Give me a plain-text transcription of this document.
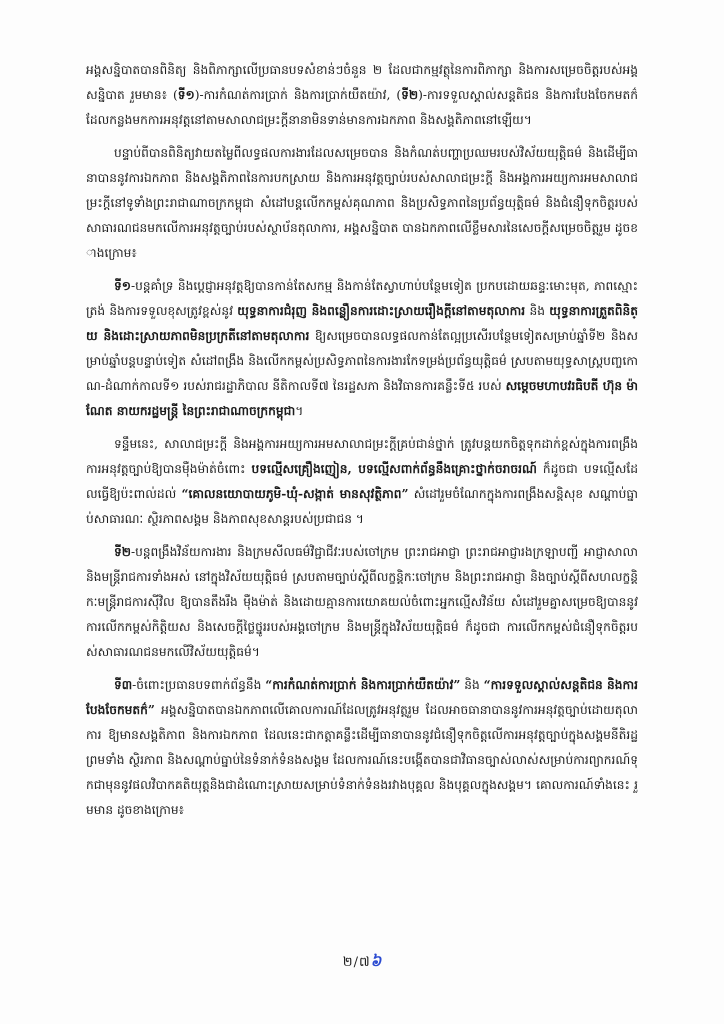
អង្គសន្និបាតបានពិនិត្យ និងពិភាក្សាលើប្រធានបទសំខាន់ៗចំនួន ២ ដែលជាកម្មវត្ថុនៃការពិភាក្សា និងការសម្រេចចិត្តរបស់អង្គសន្និបាត រួមមាន៖ (ទី១)-ការកំណត់ការប្រាក់ និងការប្រាក់យឺតយ៉ាវ, (ទី២)-ការទទួលស្គាល់សន្តតិជន និងការបែងចែកមតក៌ ដែលកន្លងមកការអនុវត្តនៅតាមសាលាជម្រះក្តីនានាមិនទាន់មានការឯកភាព និងសង្គតិភាពនៅឡើយ។

បន្ទាប់ពីបានពិនិត្យវាយតម្លៃពីលទ្ធផលការងារដែលសម្រេចបាន និងកំណត់បញ្ហាប្រឈមរបស់វិស័យយុត្តិធម៌ និងដើម្បីធានាបាននូវការឯកភាព និងសង្គតិភាពនៃការបកស្រាយ និងការអនុវត្តច្បាប់របស់សាលាជម្រះក្តី និងអង្គការអយ្យការអមសាលាជម្រះក្តីនៅទូទាំងព្រះរាជាណាចក្រកម្ពុជា សំដៅបន្តលើកកម្ពស់គុណភាព និងប្រសិទ្ធភាពនៃប្រព័ន្ធយុត្តិធម៌ និងជំនឿទុកចិត្តរបស់សាធារណជនមកលើការអនុវត្តច្បាប់របស់ស្ថាប័នតុលាការ, អង្គសន្និបាត បានឯកភាពលើខ្លឹមសារនៃសេចក្តីសម្រេចចិត្តរួម ដូចខាងក្រោម៖

ទី១-បន្តគាំទ្រ និងប្តេជ្ញាអនុវត្តឱ្យបានកាន់តែសកម្ម និងកាន់តែស្វាហាប់បន្ថែមទៀត ប្រកបដោយឆន្ទៈមោះមុត, ភាពស្មោះត្រង់ និងការទទួលខុសត្រូវខ្ពស់នូវ យុទ្ធនាការជំរុញ និងពន្លឿនការដោះស្រាយរឿងក្តីនៅតាមតុលាការ និង យុទ្ធនាការត្រួតពិនិត្យ និងដោះស្រាយភាពមិនប្រក្រតីនៅតាមតុលាការ ឱ្យសម្រេចបានលទ្ធផលកាន់តែល្អប្រសើរបន្ថែមទៀតសម្រាប់ឆ្នាំទី២ និងសម្រាប់ឆ្នាំបន្តបន្ទាប់ទៀត សំដៅពង្រឹង និងលើកកម្ពស់ប្រសិទ្ធភាពនៃការងារកែទម្រង់ប្រព័ន្ធយុត្តិធម៌ ស្របតាមយុទ្ធសាស្ត្របញ្ចកោណ-ដំណាក់កាលទី១ របស់រាជរដ្ឋាភិបាល នីតិកាលទី៧ នៃរដ្ឋសភា និងវិធានការគន្លឹះទី៥ របស់ សម្តេចមហាបវរធិបតី ហ៊ុន ម៉ាណែត នាយករដ្ឋមន្ត្រី នៃព្រះរាជាណាចក្រកម្ពុជា។

ទន្ទឹមនេះ, សាលាជម្រះក្តី និងអង្គការអយ្យការអមសាលាជម្រះក្តីគ្រប់ជាន់ថ្នាក់ ត្រូវបន្តយកចិត្តទុកដាក់ខ្ពស់ក្នុងការពង្រឹងការអនុវត្តច្បាប់ឱ្យបានម៉ឺងម៉ាត់ចំពោះ បទល្មើសគ្រឿងញៀន, បទល្មើសពាក់ព័ន្ធនឹងគ្រោះថ្នាក់ចរាចរណ៍ ក៏ដូចជា បទល្មើសដែលធ្វើឱ្យប៉ះពាល់ដល់ “គោលនយោបាយភូមិ-ឃុំ-សង្កាត់ មានសុវត្ថិភាព” សំដៅរួមចំណែកក្នុងការពង្រឹងសន្តិសុខ សណ្តាប់ធ្នាប់សាធារណៈ ស្ថិរភាពសង្គម និងភាពសុខសាន្តរបស់ប្រជាជន ។

ទី២-បន្តពង្រឹងវិន័យការងារ និងក្រមសីលធម៌វិជ្ជាជីវៈរបស់ចៅក្រម ព្រះរាជអាជ្ញា ព្រះរាជអាជ្ញារងក្រឡាបញ្ជី អាជ្ញាសាលា និងមន្ត្រីរាជការទាំងអស់ នៅក្នុងវិស័យយុត្តិធម៌ ស្របតាមច្បាប់ស្តីពីលក្ខន្តិកៈចៅក្រម និងព្រះរាជអាជ្ញា និងច្បាប់ស្តីពីសហលក្ខន្តិកៈមន្ត្រីរាជការស៊ីវិល ឱ្យបានតឹងរឹង ម៉ឺងម៉ាត់ និងដោយគ្មានការយោគយល់ចំពោះអ្នកល្មើសវិន័យ សំដៅរួមគ្នាសម្រេចឱ្យបាននូវការលើកកម្ពស់កិត្តិយស និងសេចក្តីថ្លៃថ្នូររបស់អង្គចៅក្រម និងមន្ត្រីក្នុងវិស័យយុត្តិធម៌ ក៏ដូចជា ការលើកកម្ពស់ជំនឿទុកចិត្តរបស់សាធារណជនមកលើវិស័យយុត្តិធម៌។

ទី៣-ចំពោះប្រធានបទពាក់ព័ន្ធនឹង “ការកំណត់ការប្រាក់ និងការប្រាក់យឺតយ៉ាវ” និង “ការទទួលស្គាល់សន្តតិជន និងការបែងចែកមតក៌” អង្គសន្និបាតបានឯកភាពលើគោលការណ៍ដែលត្រូវអនុវត្តរួម ដែលអាចធានាបាននូវការអនុវត្តច្បាប់ដោយតុលាការ ឱ្យមានសង្គតិភាព និងការឯកភាព ដែលនេះជាកត្តាគន្លឹះដើម្បីធានាបាននូវជំនឿទុកចិត្តលើការអនុវត្តច្បាប់ក្នុងសង្គមនីតិរដ្ឋ ព្រមទាំង ស្ថិរភាព និងសណ្តាប់ធ្នាប់នៃទំនាក់ទំនងសង្គម ដែលការណ៍នេះបង្កើតបានជាវិធានច្បាស់លាស់សម្រាប់ការព្យាករណ៍ទុកជាមុននូវផលវិបាកគតិយុត្តនិងជាដំណោះស្រាយសម្រាប់ទំនាក់ទំនងរវាងបុគ្គល និងបុគ្គលក្នុងសង្គម។ គោលការណ៍ទាំងនេះ រួមមាន ដូចខាងក្រោម៖

២/៧៦
